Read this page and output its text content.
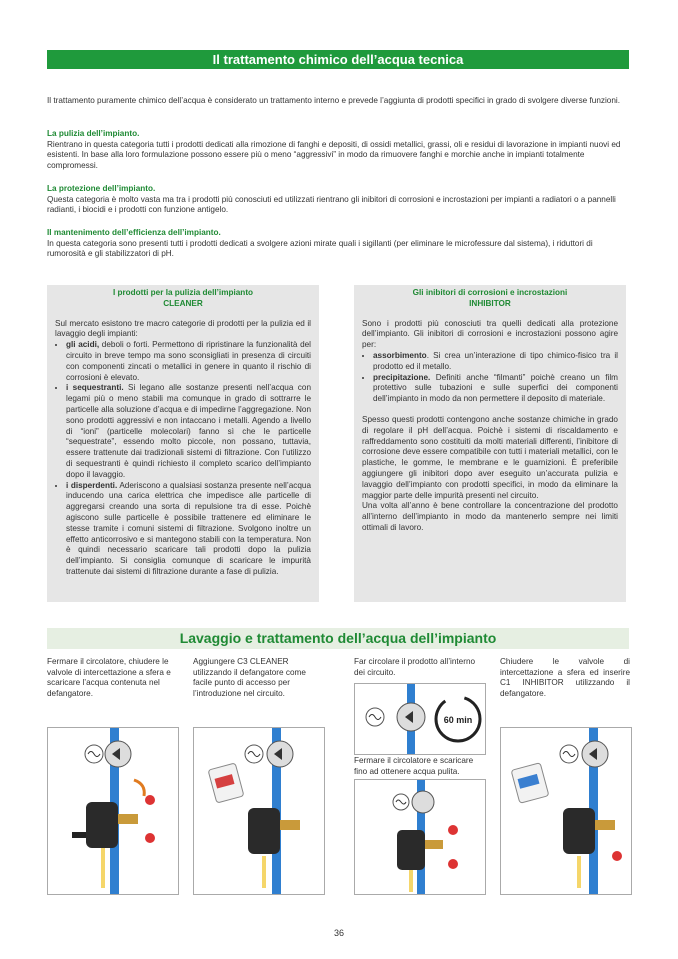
Il trattamento chimico dell’acqua tecnica

Il trattamento puramente chimico dell’acqua è considerato un trattamento interno e prevede l’aggiunta di prodotti specifici in grado di svolgere diverse funzioni.

La pulizia dell’impianto.

Rientrano in questa categoria tutti i prodotti dedicati alla rimozione di fanghi e depositi, di ossidi metallici, grassi, oli e residui di lavorazione in impianti nuovi ed esistenti. In base alla loro formulazione possono essere più o meno “aggressivi” in modo da rimuovere fanghi e morchie anche in impianti totalmente compromessi.

La protezione dell’impianto.

Questa categoria è molto vasta ma tra i prodotti più conosciuti ed utilizzati rientrano gli inibitori di corrosioni e incrostazioni per impianti a radiatori o a pannelli radianti, i biocidi e i prodotti con funzione antigelo.

Il mantenimento dell’efficienza dell’impianto.

In questa categoria sono presenti tutti i prodotti dedicati a svolgere azioni mirate quali i sigillanti (per eliminare le microfessure dal sistema), i riduttori di rumorosità e gli stabilizzatori di pH.

I prodotti per la pulizia dell’impianto
CLEANER

Sul mercato esistono tre macro categorie di prodotti per la pulizia ed il lavaggio degli impianti:

• gli acidi, deboli o forti. Permettono di ripristinare la funzionalità del circuito in breve tempo ma sono sconsigliati in presenza di circuiti con componenti zincati o metallici in genere in quanto il rischio di corrosioni è elevato.
• i sequestranti. Si legano alle sostanze presenti nell’acqua con legami più o meno stabili ma comunque in grado di sottrarre le particelle alla soluzione d’acqua e di impedirne l’aggregazione. Non sono prodotti aggressivi e non intaccano i metalli. Agendo a livello di “ioni” (particelle molecolari) fanno sì che le particelle “sequestrate”, essendo molto piccole, non possano, tuttavia, essere trattenute dai tradizionali sistemi di filtrazione. Con l’utilizzo di sequestranti è quindi richiesto il completo scarico dell’impianto dopo il lavaggio.
• i disperdenti. Aderiscono a qualsiasi sostanza presente nell’acqua inducendo una carica elettrica che impedisce alle particelle di aggregarsi creando una sorta di repulsione tra di esse. Poichè agiscono sulle particelle è possibile trattenere ed eliminare le stesse tramite i comuni sistemi di filtrazione. Svolgono inoltre un effetto anticorrosivo e si mantegono stabili con la temperatura. Non è quindi necessario scaricare tali prodotti dopo la pulizia dell’impianto. Si consiglia comunque di scaricare le impurità trattenute dai sistemi di filtrazione durante a fase di pulizia.
Gli inibitori di corrosioni e incrostazioni
INHIBITOR

Sono i prodotti più conosciuti tra quelli dedicati alla protezione dell’impianto. Gli inibitori di corrosioni e incrostazioni possono agire per:

• assorbimento. Si crea un’interazione di tipo chimico-fisico tra il prodotto ed il metallo.
• precipitazione. Definiti anche “filmanti” poichè creano un film protettivo sulle tubazioni e sulle superfici dei componenti dell’impianto in modo da non permettere il deposito di materiale.

Spesso questi prodotti contengono anche sostanze chimiche in grado di regolare il pH dell’acqua. Poichè i sistemi di riscaldamento e raffreddamento sono costituiti da molti materiali differenti, l’inibitore di corrosione deve essere compatibile con tutti i materiali metallici, con le plastiche, le gomme, le membrane e le guarnizioni. È preferibile aggiungere gli inibitori dopo aver eseguito un’accurata pulizia e lavaggio dell’impianto con prodotti specifici, in modo da eliminare la maggior parte delle impurità presenti nel circuito.

Una volta all’anno è bene controllare la concentrazione del prodotto all’interno dell’impianto in modo da mantenerlo sempre nei limiti ottimali di lavoro.

Lavaggio e trattamento dell’acqua dell’impianto

Fermare il circolatore, chiudere le valvole di intercettazione a sfera e scaricare l’acqua contenuta nel defangatore.

Aggiungere C3 CLEANER utilizzando il defangatore come facile punto di accesso per l’introduzione nel circuito.

Far circolare il prodotto all’interno dei circuito.

Chiudere le valvole di intercettazione a sfera ed inserire C1 INHIBITOR utilizzando il defangatore.

60 min

Fermare il circolatore e scaricare fino ad ottenere acqua pulita.

36
